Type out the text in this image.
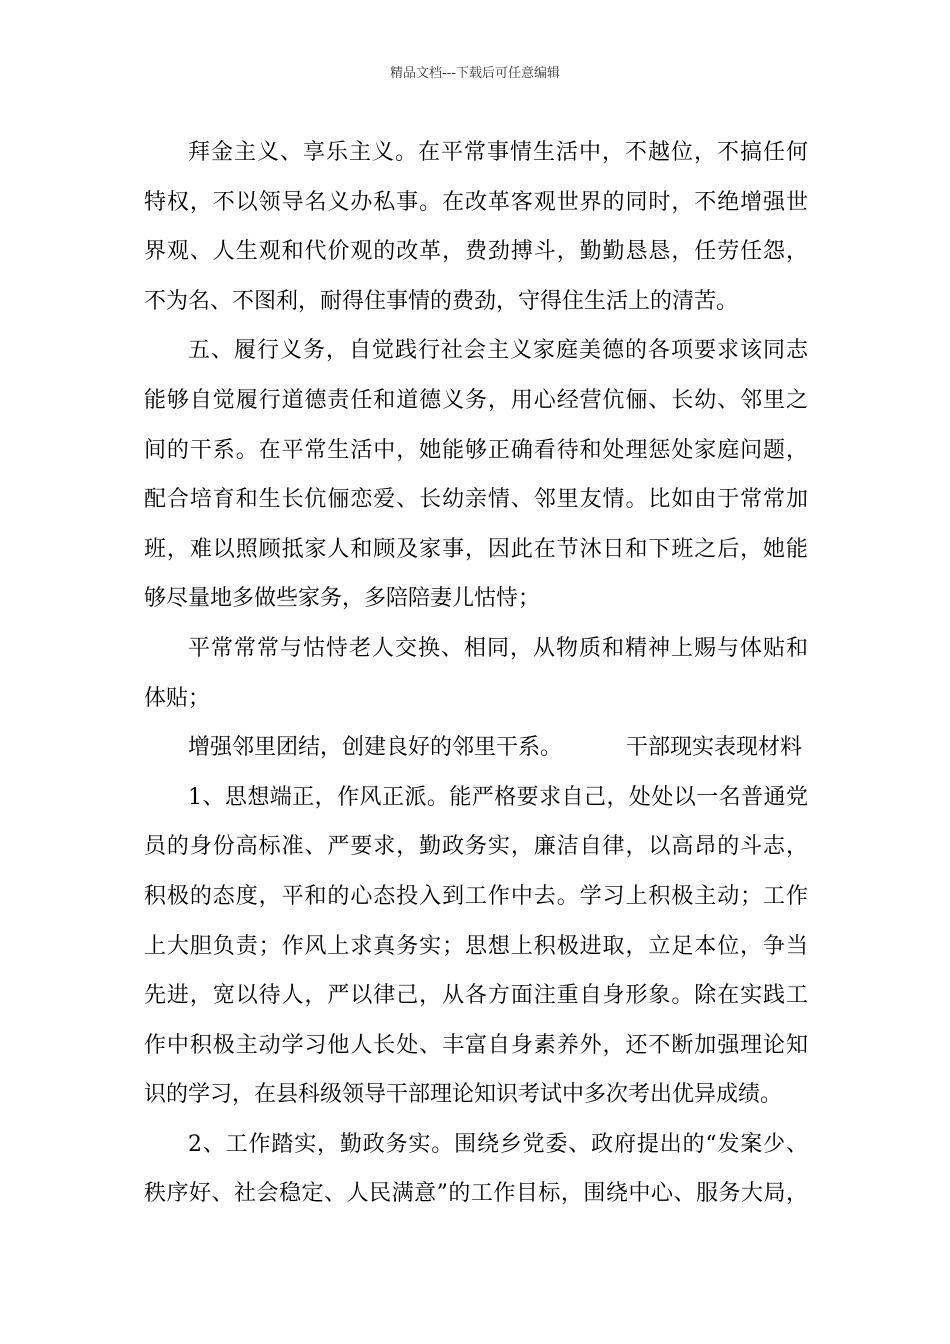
精品文档---下载后可任意编辑
拜金主义、享乐主义。在平常事情生活中，不越位，不搞任何
特权，不以领导名义办私事。在改革客观世界的同时，不绝增强世
界观、人生观和代价观的改革，费劲搏斗，勤勤恳恳，任劳任怨，
不为名、不图利，耐得住事情的费劲，守得住生活上的清苦。
五、履行义务，自觉践行社会主义家庭美德的各项要求该同志
能够自觉履行道德责任和道德义务，用心经营伉俪、长幼、邻里之
间的干系。在平常生活中，她能够正确看待和处理惩处家庭问题，
配合培育和生长伉俪恋爱、长幼亲情、邻里友情。比如由于常常加
班，难以照顾抵家人和顾及家事，因此在节沐日和下班之后，她能
够尽量地多做些家务，多陪陪妻儿怙恃；
平常常常与怙恃老人交换、相同，从物质和精神上赐与体贴和
体贴；
增强邻里团结，创建良好的邻里干系。	干部现实表现材料
1、思想端正，作风正派。能严格要求自己，处处以一名普通党
员的身份高标准、严要求，勤政务实，廉洁自律，以高昂的斗志，
积极的态度，平和的心态投入到工作中去。学习上积极主动；工作
上大胆负责；作风上求真务实；思想上积极进取，立足本位，争当
先进，宽以待人，严以律己，从各方面注重自身形象。除在实践工
作中积极主动学习他人长处、丰富自身素养外，还不断加强理论知
识的学习，在县科级领导干部理论知识考试中多次考出优异成绩。
2、工作踏实，勤政务实。围绕乡党委、政府提出的“发案少、
秩序好、社会稳定、人民满意”的工作目标，围绕中心、服务大局，
